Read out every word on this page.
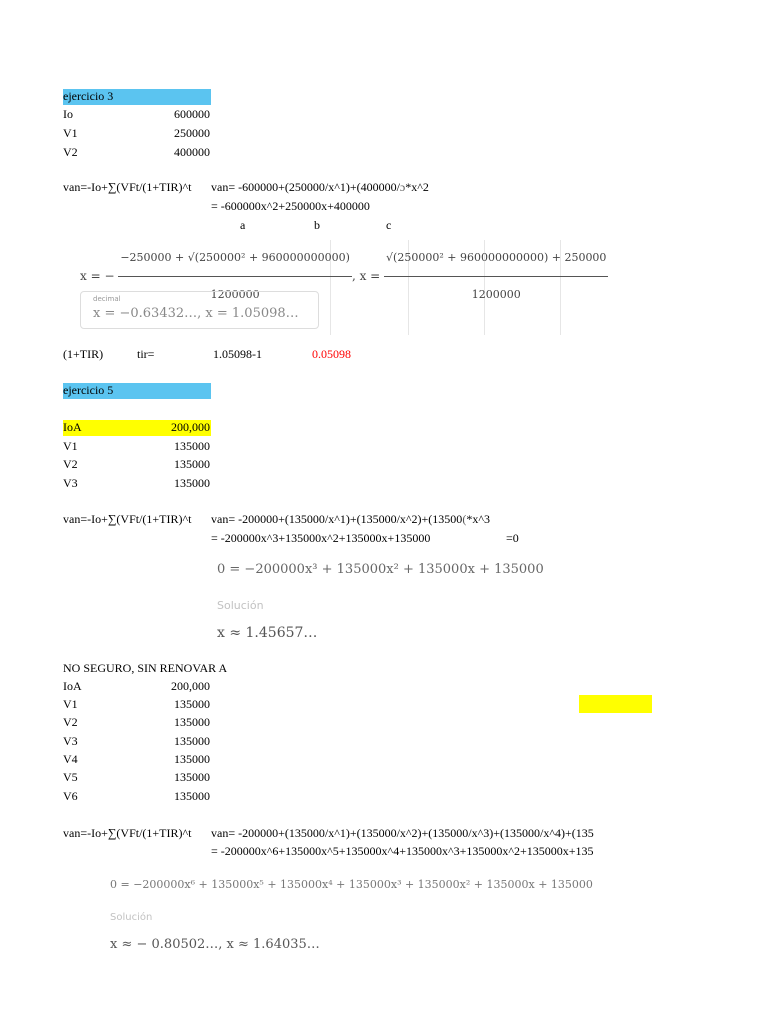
ejercicio 3
Io	600000
V1	250000
V2	400000
van=-Io+∑(VFt/(1+TIR)^t	van= -600000+(250000/x^1)+(400000/ɔ*x^2
= -600000x^2+250000x+400000
a	b	c
x = − $\frac{\text{−250000 + √(250000² + 960000000000)}}{1200000}$ , $x = \frac{\text{√(250000² + 960000000000) + 250000}}{1200000}$
decimal
x = −0.63432…, x = 1.05098…
(1+TIR)	tir=	1.05098-1	0.05098
ejercicio 5
IoA	200,000
V1	135000
V2	135000
V3	135000
van=-Io+∑(VFt/(1+TIR)^t	van= -200000+(135000/x^1)+(135000/x^2)+(13500(*x^3
= -200000x^3+135000x^2+135000x+135000	=0
0 = −200000x³ + 135000x² + 135000x + 135000
Solución
x ≈ 1.45657…
NO SEGURO, SIN RENOVAR A
IoA	200,000
V1	135000
V2	135000
V3	135000
V4	135000
V5	135000
V6	135000
van=-Io+∑(VFt/(1+TIR)^t	van= -200000+(135000/x^1)+(135000/x^2)+(135000/x^3)+(135000/x^4)+(135
= -200000x^6+135000x^5+135000x^4+135000x^3+135000x^2+135000x+135
0 = −200000x⁶ + 135000x⁵ + 135000x⁴ + 135000x³ + 135000x² + 135000x + 135000
Solución
x ≈ − 0.80502…, x ≈ 1.64035…
